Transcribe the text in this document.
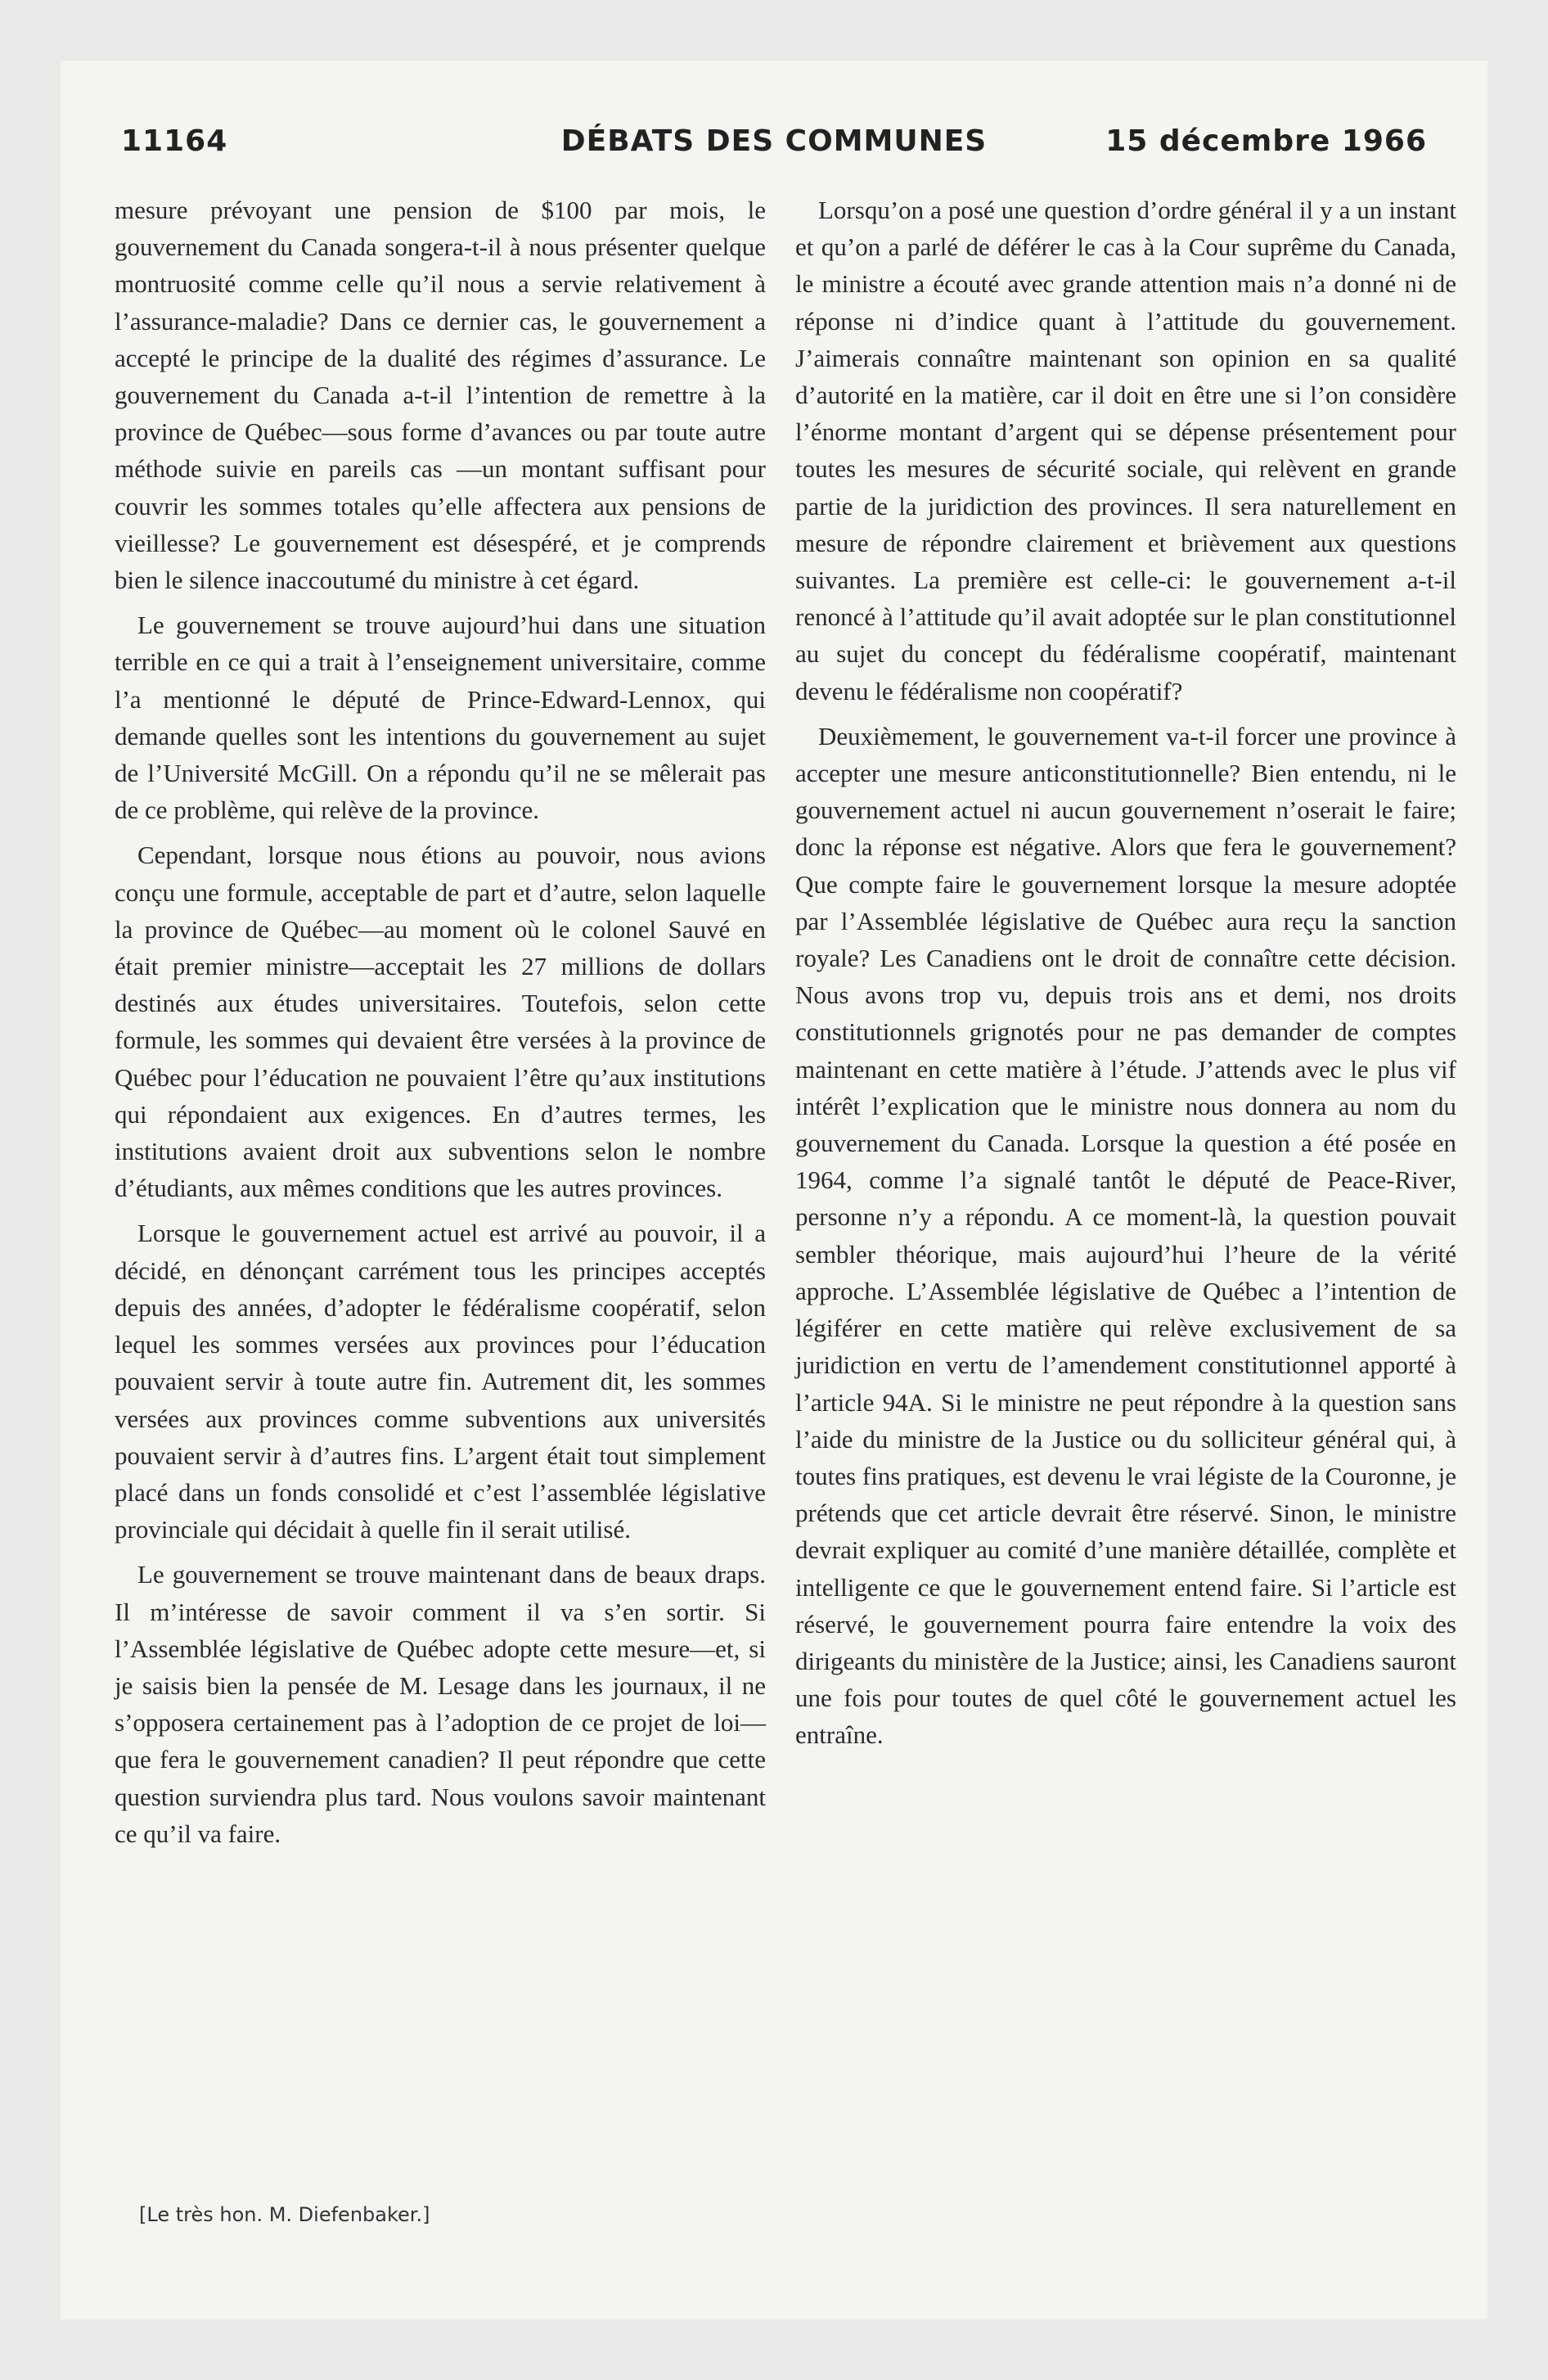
11164	DÉBATS DES COMMUNES	15 décembre 1966

mesure prévoyant une pension de $100 par mois, le gouvernement du Canada songera-t-il à nous présenter quelque montruosité comme celle qu’il nous a servie relativement à l’assurance-maladie? Dans ce dernier cas, le gouvernement a accepté le principe de la dualité des régimes d’assurance. Le gouvernement du Canada a-t-il l’intention de remettre à la province de Québec—sous forme d’avances ou par toute autre méthode suivie en pareils cas —un montant suffisant pour couvrir les sommes totales qu’elle affectera aux pensions de vieillesse? Le gouvernement est désespéré, et je comprends bien le silence inaccoutumé du ministre à cet égard.

Le gouvernement se trouve aujourd’hui dans une situation terrible en ce qui a trait à l’enseignement universitaire, comme l’a mentionné le député de Prince-Edward-Lennox, qui demande quelles sont les intentions du gouvernement au sujet de l’Université McGill. On a répondu qu’il ne se mêlerait pas de ce problème, qui relève de la province.

Cependant, lorsque nous étions au pouvoir, nous avions conçu une formule, acceptable de part et d’autre, selon laquelle la province de Québec—au moment où le colonel Sauvé en était premier ministre—acceptait les 27 millions de dollars destinés aux études universitaires. Toutefois, selon cette formule, les sommes qui devaient être versées à la province de Québec pour l’éducation ne pouvaient l’être qu’aux institutions qui répondaient aux exigences. En d’autres termes, les institutions avaient droit aux subventions selon le nombre d’étudiants, aux mêmes conditions que les autres provinces.

Lorsque le gouvernement actuel est arrivé au pouvoir, il a décidé, en dénonçant carrément tous les principes acceptés depuis des années, d’adopter le fédéralisme coopératif, selon lequel les sommes versées aux provinces pour l’éducation pouvaient servir à toute autre fin. Autrement dit, les sommes versées aux provinces comme subventions aux universités pouvaient servir à d’autres fins. L’argent était tout simplement placé dans un fonds consolidé et c’est l’assemblée législative provinciale qui décidait à quelle fin il serait utilisé.

Le gouvernement se trouve maintenant dans de beaux draps. Il m’intéresse de savoir comment il va s’en sortir. Si l’Assemblée législative de Québec adopte cette mesure—et, si je saisis bien la pensée de M. Lesage dans les journaux, il ne s’opposera certainement pas à l’adoption de ce projet de loi—que fera le gouvernement canadien? Il peut répondre que cette question surviendra plus tard. Nous voulons savoir maintenant ce qu’il va faire.

Lorsqu’on a posé une question d’ordre général il y a un instant et qu’on a parlé de déférer le cas à la Cour suprême du Canada, le ministre a écouté avec grande attention mais n’a donné ni de réponse ni d’indice quant à l’attitude du gouvernement. J’aimerais connaître maintenant son opinion en sa qualité d’autorité en la matière, car il doit en être une si l’on considère l’énorme montant d’argent qui se dépense présentement pour toutes les mesures de sécurité sociale, qui relèvent en grande partie de la juridiction des provinces. Il sera naturellement en mesure de répondre clairement et brièvement aux questions suivantes. La première est celle-ci: le gouvernement a-t-il renoncé à l’attitude qu’il avait adoptée sur le plan constitutionnel au sujet du concept du fédéralisme coopératif, maintenant devenu le fédéralisme non coopératif?

Deuxièmement, le gouvernement va-t-il forcer une province à accepter une mesure anticonstitutionnelle? Bien entendu, ni le gouvernement actuel ni aucun gouvernement n’oserait le faire; donc la réponse est négative. Alors que fera le gouvernement? Que compte faire le gouvernement lorsque la mesure adoptée par l’Assemblée législative de Québec aura reçu la sanction royale? Les Canadiens ont le droit de connaître cette décision. Nous avons trop vu, depuis trois ans et demi, nos droits constitutionnels grignotés pour ne pas demander de comptes maintenant en cette matière à l’étude. J’attends avec le plus vif intérêt l’explication que le ministre nous donnera au nom du gouvernement du Canada. Lorsque la question a été posée en 1964, comme l’a signalé tantôt le député de Peace-River, personne n’y a répondu. A ce moment-là, la question pouvait sembler théorique, mais aujourd’hui l’heure de la vérité approche. L’Assemblée législative de Québec a l’intention de légiférer en cette matière qui relève exclusivement de sa juridiction en vertu de l’amendement constitutionnel apporté à l’article 94A. Si le ministre ne peut répondre à la question sans l’aide du ministre de la Justice ou du solliciteur général qui, à toutes fins pratiques, est devenu le vrai légiste de la Couronne, je prétends que cet article devrait être réservé. Sinon, le ministre devrait expliquer au comité d’une manière détaillée, complète et intelligente ce que le gouvernement entend faire. Si l’article est réservé, le gouvernement pourra faire entendre la voix des dirigeants du ministère de la Justice; ainsi, les Canadiens sauront une fois pour toutes de quel côté le gouvernement actuel les entraîne.

[Le très hon. M. Diefenbaker.]
